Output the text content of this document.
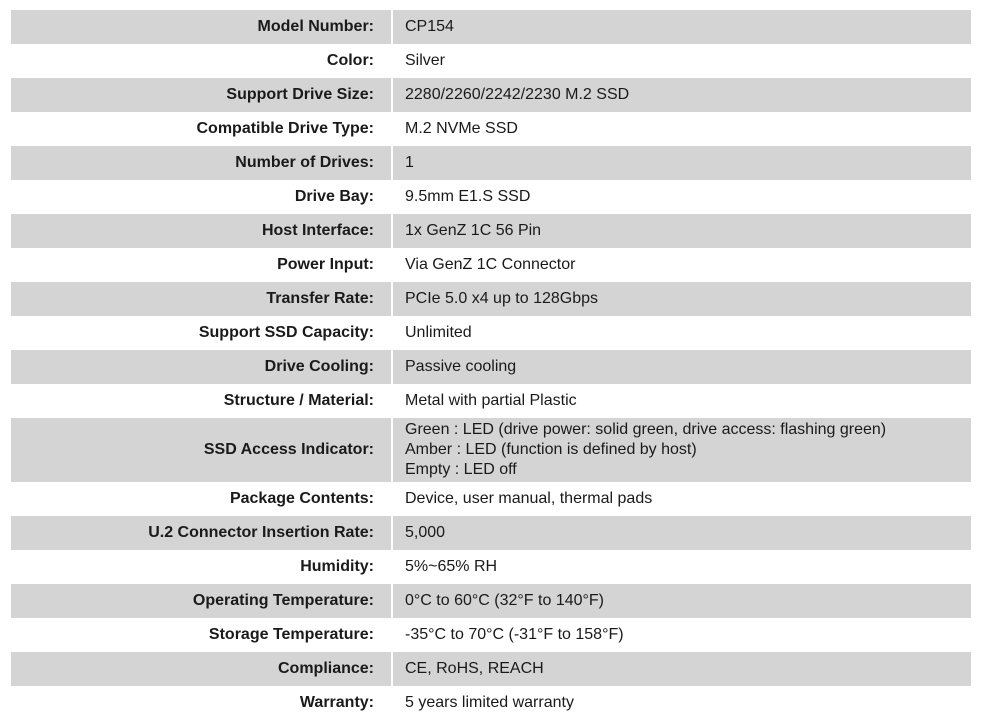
Model Number:	CP154
Color:	Silver
Support Drive Size:	2280/2260/2242/2230 M.2 SSD
Compatible Drive Type:	M.2 NVMe SSD
Number of Drives:	1
Drive Bay:	9.5mm E1.S SSD
Host Interface:	1x GenZ 1C 56 Pin
Power Input:	Via GenZ 1C Connector
Transfer Rate:	PCIe 5.0 x4 up to 128Gbps
Support SSD Capacity:	Unlimited
Drive Cooling:	Passive cooling
Structure / Material:	Metal with partial Plastic
SSD Access Indicator:
Green : LED (drive power: solid green, drive access: flashing green)
Amber : LED (function is defined by host)
Empty : LED off
Package Contents:	Device, user manual, thermal pads
U.2 Connector Insertion Rate:	5,000
Humidity:	5%~65% RH
Operating Temperature:	0°C to 60°C (32°F to 140°F)
Storage Temperature:	-35°C to 70°C (-31°F to 158°F)
Compliance:	CE, RoHS, REACH
Warranty:	5 years limited warranty
